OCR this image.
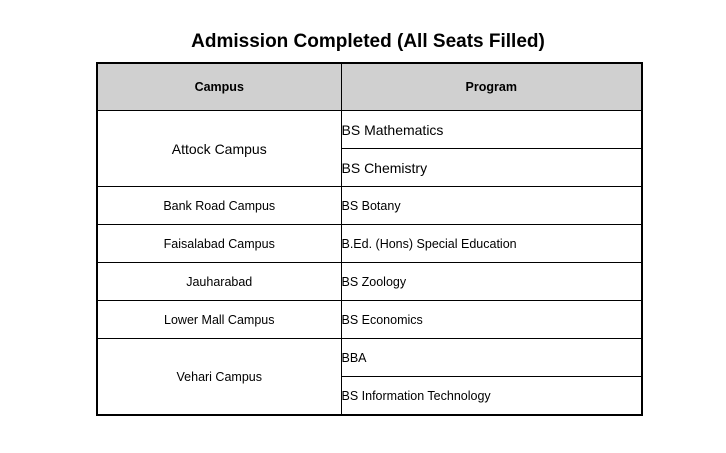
Admission Completed (All Seats Filled)
Campus	Program
Attock Campus	BS Mathematics
	BS Chemistry
Bank Road Campus	BS Botany
Faisalabad Campus	B.Ed. (Hons) Special Education
Jauharabad	BS Zoology
Lower Mall Campus	BS Economics
Vehari Campus	BBA
	BS Information Technology
